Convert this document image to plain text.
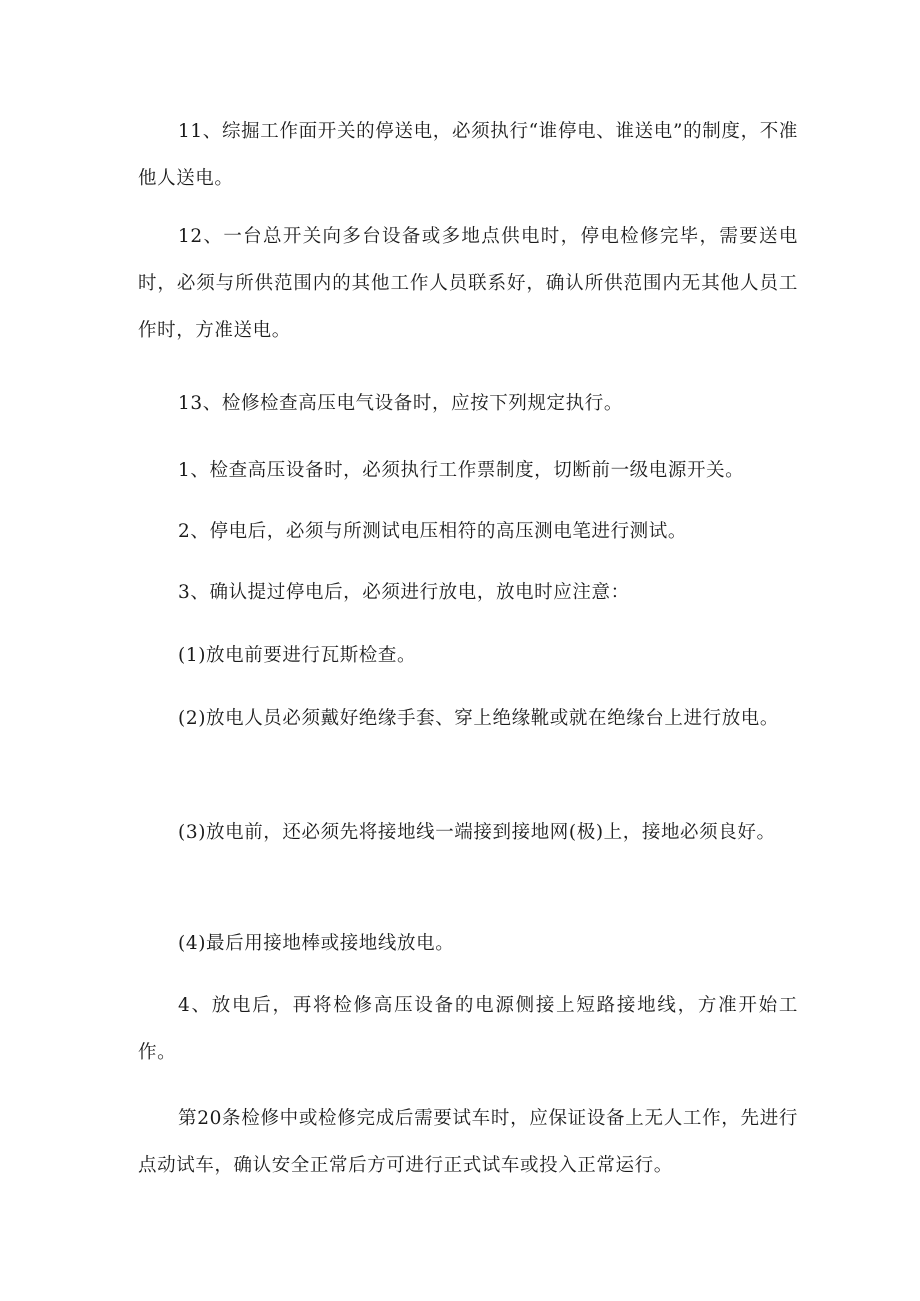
11、综掘工作面开关的停送电，必须执行“谁停电、谁送电”的制度，不准他人送电。

12、一台总开关向多台设备或多地点供电时，停电检修完毕，需要送电时，必须与所供范围内的其他工作人员联系好，确认所供范围内无其他人员工作时，方准送电。

13、检修检查高压电气设备时，应按下列规定执行。

1、检查高压设备时，必须执行工作票制度，切断前一级电源开关。

2、停电后，必须与所测试电压相符的高压测电笔进行测试。

3、确认提过停电后，必须进行放电，放电时应注意：

(1)放电前要进行瓦斯检查。

(2)放电人员必须戴好绝缘手套、穿上绝缘靴或就在绝缘台上进行放电。

(3)放电前，还必须先将接地线一端接到接地网(极)上，接地必须良好。

(4)最后用接地棒或接地线放电。

4、放电后，再将检修高压设备的电源侧接上短路接地线，方准开始工作。

第20条检修中或检修完成后需要试车时，应保证设备上无人工作，先进行点动试车，确认安全正常后方可进行正式试车或投入正常运行。
